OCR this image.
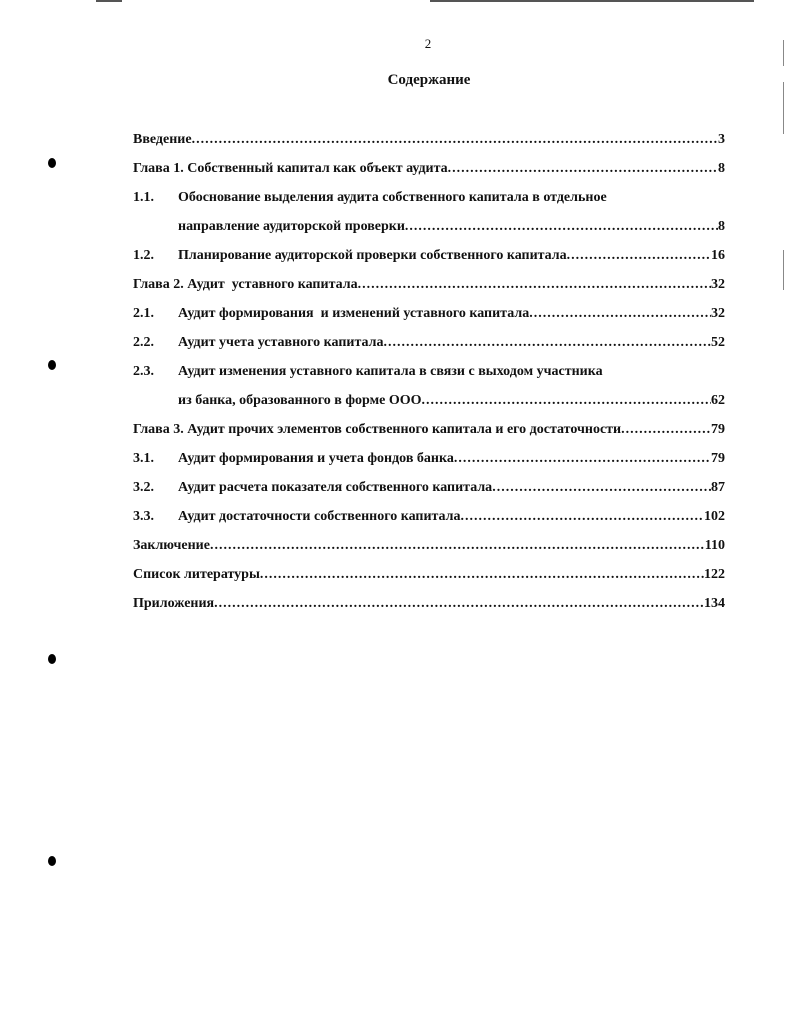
2
Содержание
Введение .....	3
Глава 1. Собственный капитал как объект аудита .....	8
1.1.	Обоснование выделения аудита собственного капитала в отдельное
направление аудиторской проверки .....	8
1.2.	Планирование аудиторской проверки собственного капитала .....	16
Глава 2. Аудит  уставного капитала .....	32
2.1.	Аудит формирования  и изменений уставного капитала .....	32
2.2.	Аудит учета уставного капитала .....	52
2.3.	Аудит изменения уставного капитала в связи с выходом участника
из банка, образованного в форме ООО .....	62
Глава 3. Аудит прочих элементов собственного капитала и его достаточности .....	79
3.1.	Аудит формирования и учета фондов банка .....	79
3.2.	Аудит расчета показателя собственного капитала .....	87
3.3.	Аудит достаточности собственного капитала .....	102
Заключение .....	110
Список литературы .....	122
Приложения .....	134
